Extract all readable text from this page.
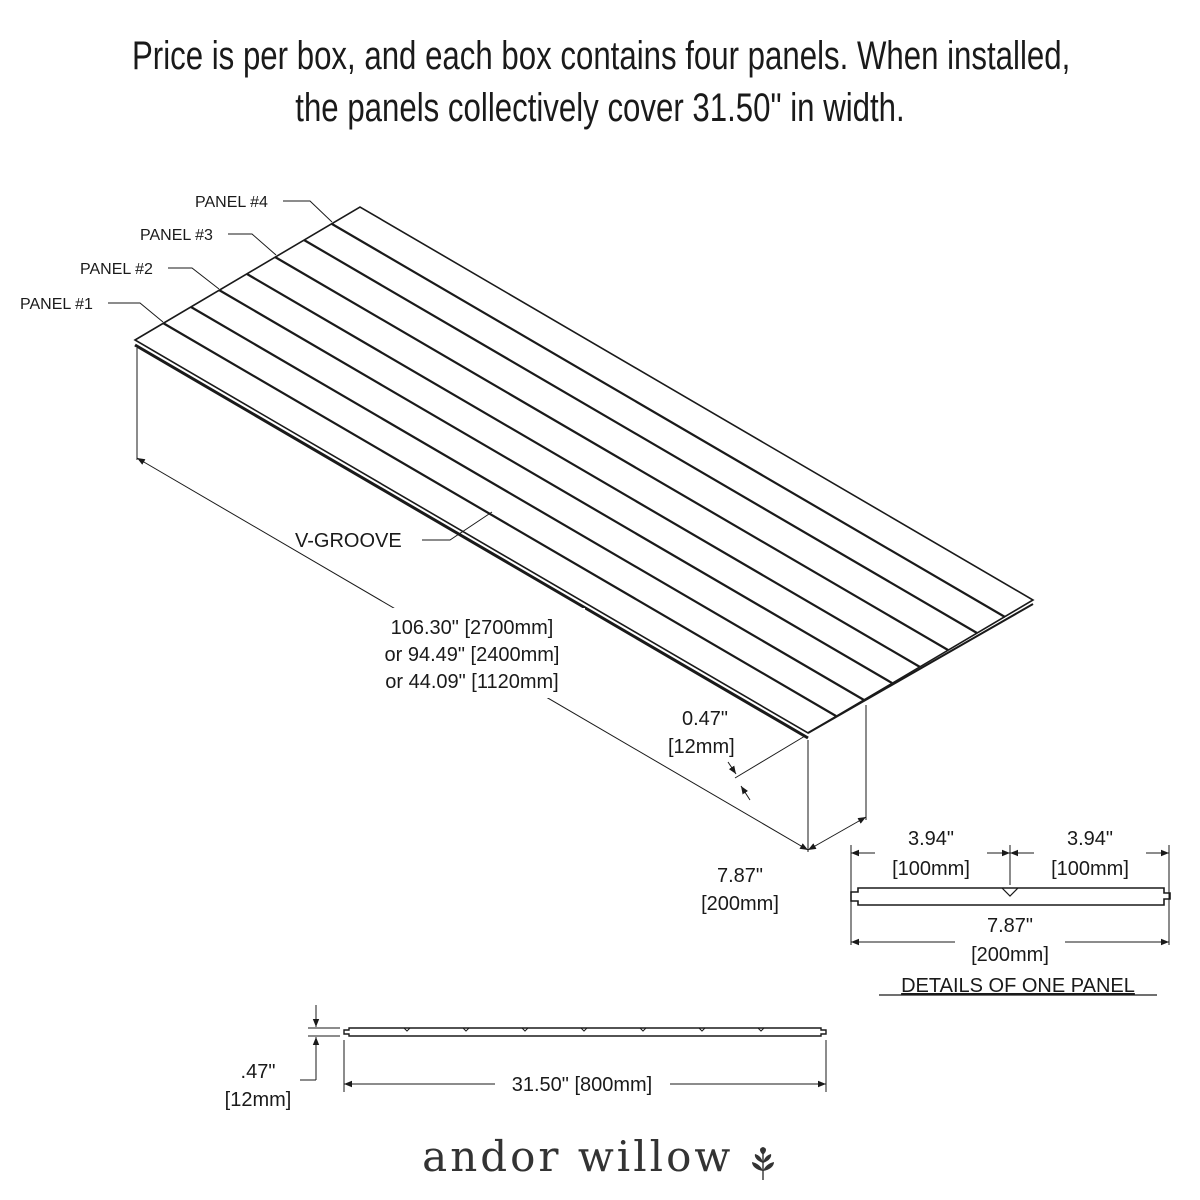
Price is per box, and each box contains four panels. When installed,
the panels collectively cover 31.50" in width.
PANEL #4
PANEL #3
PANEL #2
PANEL #1
V-GROOVE
106.30" [2700mm]
or 94.49" [2400mm]
or 44.09" [1120mm]
0.47"
[12mm]
7.87"
[200mm]
3.94"
[100mm]
3.94"
[100mm]
7.87"
[200mm]
DETAILS OF ONE PANEL
.47"
[12mm]
31.50" [800mm]
andor willow
